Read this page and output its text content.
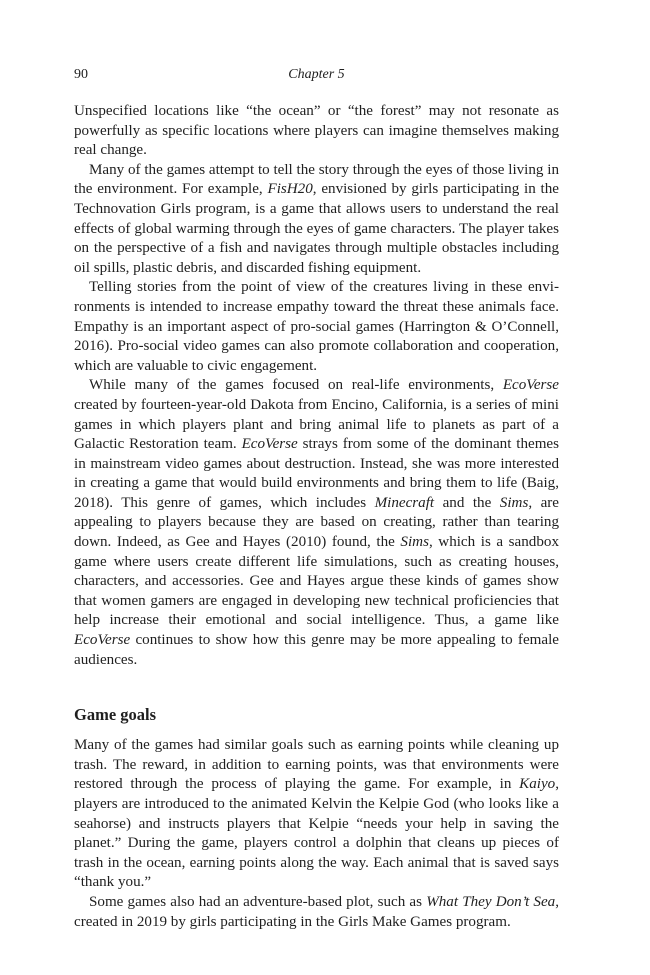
90	Chapter 5

Unspecified locations like “the ocean” or “the forest” may not resonate as powerfully as specific locations where players can imagine themselves making real change.

Many of the games attempt to tell the story through the eyes of those living in the environment. For example, FisH20, envisioned by girls participating in the Technovation Girls program, is a game that allows users to understand the real effects of global warming through the eyes of game characters. The player takes on the perspective of a fish and navigates through multiple obstacles including oil spills, plastic debris, and discarded fishing equipment.

Telling stories from the point of view of the creatures living in these environments is intended to increase empathy toward the threat these animals face. Empathy is an important aspect of pro-social games (Harrington & O’Connell, 2016). Pro-social video games can also promote collaboration and cooperation, which are valuable to civic engagement.

While many of the games focused on real-life environments, EcoVerse created by fourteen-year-old Dakota from Encino, California, is a series of mini games in which players plant and bring animal life to planets as part of a Galactic Restoration team. EcoVerse strays from some of the dominant themes in mainstream video games about destruction. Instead, she was more interested in creating a game that would build environments and bring them to life (Baig, 2018). This genre of games, which includes Minecraft and the Sims, are appealing to players because they are based on creating, rather than tearing down. Indeed, as Gee and Hayes (2010) found, the Sims, which is a sandbox game where users create different life simulations, such as creating houses, characters, and accessories. Gee and Hayes argue these kinds of games show that women gamers are engaged in developing new technical proficiencies that help increase their emotional and social intelligence. Thus, a game like EcoVerse continues to show how this genre may be more appealing to female audiences.

Game goals

Many of the games had similar goals such as earning points while cleaning up trash. The reward, in addition to earning points, was that environments were restored through the process of playing the game. For example, in Kaiyo, players are introduced to the animated Kelvin the Kelpie God (who looks like a seahorse) and instructs players that Kelpie “needs your help in saving the planet.” During the game, players control a dolphin that cleans up pieces of trash in the ocean, earning points along the way. Each animal that is saved says “thank you.”

Some games also had an adventure-based plot, such as What They Don’t Sea, created in 2019 by girls participating in the Girls Make Games program.
